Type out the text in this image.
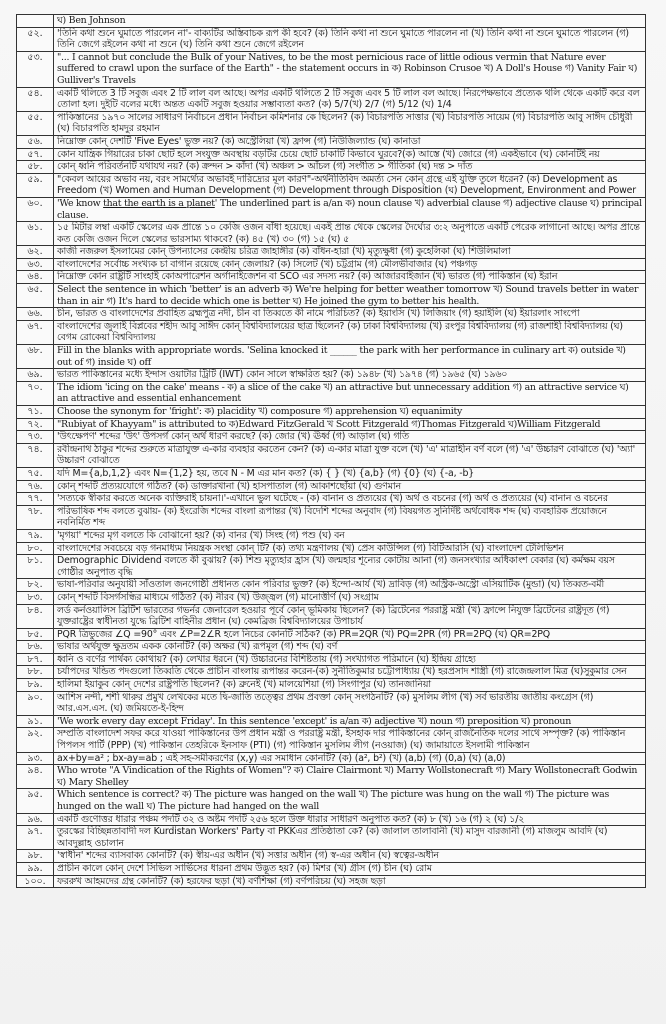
	ঘ) Ben Johnson
৫২.	'তিনি কথা শুনে ঘুমাতে পারলেন না'- বাক্যটির অস্তিবাচক রূপ কী হবে? (ক) তিনি কথা না শুনে ঘুমাতে পারলেন না (খ) তিনি কথা না শুনে ঘুমাতে পারলেন (গ) তিনি জেগে রইলেন কথা না শুনে (ঘ) তিনি কথা শুনে জেগে রইলেন
৫৩.	"... I cannot but conclude the Bulk of your Natives, to be the most pernicious race of little odious vermin that Nature ever suffered to crawl upon the surface of the Earth" - the statement occurs in ক) Robinson Crusoe খ) A Doll's House গ) Vanity Fair ঘ) Gulliver's Travels
৫৪.	একটি থলিতে 3 টি সবুজ এবং 2 টি লাল বল আছে। অপর একটি থলিতে 2 টি সবুজ এবং 5 টি লাল বল আছে। নিরপেক্ষভাবে প্রত্যেক থলি থেকে একটি করে বল তোলা হল। দুইটি বলের মধ্যে অন্তত একটি সবুজ হওয়ার সম্ভাব্যতা কত? (ক) 5/7(খ) 2/7 (গ) 5/12 (ঘ) 1/4
৫৫.	পাকিস্তানের ১৯৭০ সালের সাধারণ নির্বাচনে প্রধান নির্বাচন কমিশনার কে ছিলেন? (ক) বিচারপতি সাত্তার (খ) বিচারপতি সায়েম (গ) বিচারপতি আবু সাঈদ চৌধুরী (ঘ) বিচারপতি হামদুর রহমান
৫৬.	নিম্নোক্ত কোন্ দেশটি 'Five Eyes' ভুক্ত নয়? (ক) অস্ট্রেলিয়া (খ) ফ্রান্স (গ) নিউজিল্যান্ড (ঘ) কানাডা
৫৭.	কোন যান্ত্রিক গিয়ারের চাকা ছোট হলে সংযুক্ত অবস্থায় বড়টির চেয়ে ছোট চাকাটি কিভাবে ঘুরবে?(ক) আস্তে (খ) জোরে (গ) একইভাবে (ঘ) কোনটিই নয়
৫৮.	কোন্ ধ্বনি পরিবর্তনটি যথাযথ নয়? (ক) ক্রন্দন > কাঁদা (খ) অঞ্চল > আঁচল (গ) সংগীত > গীতিকা (ঘ) দন্ত > দাঁত
৫৯.	"কেবল আয়ের অভাব নয়, বরং সামর্থ্যের অভাবই দারিদ্র্যের মূল কারণ"-অর্থনীতিবিদ অমর্ত্য সেন কোন্ গ্রন্থে এই যুক্তি তুলে ধরেন? (ক) Development as Freedom (খ) Women and Human Development (গ) Development through Disposition (ঘ) Development, Environment and Power
৬০.	'We know that the earth is a planet' The underlined part is a/an ক) noun clause খ) adverbial clause গ) adjective clause ঘ) principal clause.
৬১.	১৫ মিটার লম্বা একটি স্কেলের এক প্রান্তে ১০ কেজি ওজন বাঁধা হয়েছে। একই প্রান্ত থেকে স্কেলের দৈর্ঘ্যের ৩:২ অনুপাতে একটি পেরেক লাগানো আছে। অপর প্রান্তে কত কেজি ওজন দিলে স্কেলের ভারসাম্য থাকবে? (ক) ৪৫ (খ) ৩০ (গ) ১৫ (ঘ) ৫
৬২.	কাজী নজরুল ইসলামের কোন্ উপন্যাসের কেন্দ্রীয় চরিত্র জাহাঙ্গীর (ক) বাঁধন-হারা (খ) মৃত্যুক্ষুধা (গ) কুহেলিকা (ঘ) শিউলিমালা
৬৩.	বাংলাদেশের সর্বোচ্চ সংখ্যক চা বাগান রয়েছে কোন্ জেলায়? (ক) সিলেট (খ) চট্টগ্রাম (গ) মৌলভীবাজার (ঘ) পঞ্চগড়
৬৪.	নিম্নোক্ত কোন রাষ্ট্রটি সাংহাই কোঅপারেশন অর্গানাইজেশন বা SCO এর সদস্য নয়? (ক) আজারবাইজান (খ) ভারত (গ) পাকিস্তান (ঘ) ইরান
৬৫.	Select the sentence in which 'better' is an adverb ক) We're helping for better weather tomorrow খ) Sound travels better in water than in air গ) It's hard to decide which one is better ঘ) He joined the gym to better his health.
৬৬.	চীন, ভারত ও বাংলাদেশের প্রবাহিত ব্রহ্মপুত্র নদী, চীন বা তিব্বতে কী নামে পরিচিত? (ক) ইয়াংসি (খ) লিজিয়াং (গ) হয়াইলি (ঘ) ইয়ারলাং সাংপো
৬৭.	বাংলাদেশের জুলাই বিপ্লবের শহীদ আবু সাঈদ কোন্ বিশ্ববিদ্যালয়ের ছাত্র ছিলেন? (ক) ঢাকা বিশ্ববিদ্যালয় (খ) রংপুর বিশ্ববিদ্যালয় (গ) রাজশাহী বিশ্ববিদ্যালয় (ঘ) বেগম রোকেয়া বিশ্ববিদ্যালয়
৬৮.	Fill in the blanks with appropriate words. 'Selina knocked it ______ the park with her performance in culinary art ক) outside খ) out of গ) inside ঘ) off
৬৯.	ভারত পাকিস্তানের মধ্যে ইন্দাস ওয়াটার ট্রিটি (IWT) কোন সালে স্বাক্ষরিত হয়? (ক) ১৯৪৮ (খ) ১৯৭৪ (গ) ১৯৬৫ (ঘ) ১৯৬০
৭০.	The idiom 'icing on the cake' means - ক) a slice of the cake খ) an attractive but unnecessary addition গ) an attractive service ঘ) an attractive and essential enhancement
৭১.	Choose the synonym for 'fright': ক) placidity খ) composure গ) apprehension ঘ) equanimity
৭২.	"Rubiyat of Khayyam" is attributed to ক)Edward FitzGerald খ Scott Fitzgerald গ)Thomas Fitzgerald ঘ)William Fitzgerald
৭৩.	'উৎক্ষেপণ' শব্দের 'উৎ' উপসর্গ কোন্ অর্থ ধারণ করছে? (ক) জোর (খ) ঊর্ধ্ব (গ) আড়াল (ঘ) গতি
৭৪.	রবীন্দ্রনাথ ঠাকুর শব্দের শুরুতে মাত্রাযুক্ত এ-কার ব্যবহার করতেন কেন? (ক) এ-কার মাত্রা যুক্ত বলে (খ) 'এ' মাত্রাহীন বর্ণ বলে (গ) 'এ' উচ্চারণ বোঝাতে (ঘ) 'অ্যা' উচ্চারণ বোঝাতে
৭৫.	যদি M={a,b,1,2} এবং N={1,2} হয়, তবে N - M এর মান কত? (ক) { } (খ) {a,b} (গ) {0} (ঘ) {-a, -b}
৭৬.	কোন্ শব্দটি প্রত্যয়যোগে গঠিত? (ক) ডাক্তারখানা (খ) হাসপাতাল (গ) আকাশছোঁয়া (ঘ) গুণমান
৭৭.	'সত্যকে স্বীকার করতে অনেক ব্যক্তিরাই চায়না।'-এখানে ভুল ঘটেছে - (ক) বানান ও প্রত্যয়ের (খ) অর্থ ও বচনের (গ) অর্থ ও প্রত্যয়ের (ঘ) বানান ও বচনের
৭৮.	পরিভাষিক শব্দ বলতে বুঝায়- (ক) ইংরেজি শব্দের বাংলা রূপান্তর (খ) বিদেশি শব্দের অনুবাদ (গ) বিষয়গত সুনির্দিষ্ট অর্থবোধক শব্দ (ঘ) ব্যবহারিক প্রয়োজনে নবনির্মিত শব্দ
৭৯.	'মৃগয়া' শব্দের মৃগ বলতে কি বোঝানো হয়? (ক) বানর (খ) সিংহ (গ) পশু (ঘ) বন
৮০.	বাংলাদেশের সবচেয়ে বড় গনমাধ্যম নিয়ন্ত্রক সংস্থা কোন্ টি? (ক) তথ্য মন্ত্রণালয় (খ) প্রেস কাউন্সিল (গ) বিটিআরসি (ঘ) বাংলাদেশ টেলিভিশন
৮১.	Demographic Dividend বলতে কী বুঝায়? (ক) শিশু মৃত্যুহার হ্রাস (খ) জন্মহার শূন্যের কোটায় আনা (গ) জনসংখ্যার অধিকাংশ বেকার (ঘ) কর্মক্ষম বয়স গোষ্ঠীর অনুপাত বৃদ্ধি
৮২.	ভাষা-পরিবার অনুযায়ী সাঁওতাল জনগোষ্ঠী প্রধানত কোন পরিবার ভুক্ত? (ক) ইন্দো-আর্য (খ) দ্রাবিড় (গ) অস্ট্রিক-অস্ট্রো এসিয়াটিক (মুন্ডা) (ঘ) তিব্বত-বর্মী
৮৩.	কোন্ শব্দটি বিসর্গসন্ধির মাধ্যমে গঠিত? (ক) নীরব (খ) উজ্জ্বল (গ) মানোত্তীর্ণ (ঘ) সংগ্রাম
৮৪.	লর্ড কর্নওয়ালিস ব্রিটিশ ভারতের গভর্নর জেনারেল হওয়ার পূর্বে কোন্ ভূমিকায় ছিলেন? (ক) ব্রিটেনের পররাষ্ট্র মন্ত্রী (খ) ফ্রান্সে নিযুক্ত ব্রিটেনের রাষ্ট্রদূত (গ) যুক্তরাষ্ট্রের স্বাধীনতা যুদ্ধে ব্রিটিশ বাহিনীর প্রধান (ঘ) কেমব্রিজ বিশ্ববিদ্যালয়ের উপাচার্য
৮৫.	PQR ত্রিভুজের ∠Q =90° এবং ∠P=2∠R হলে নিচের কোনটি সঠিক? (ক) PR=2QR (খ) PQ=2PR (গ) PR=2PQ (ঘ) QR=2PQ
৮৬.	ভাষার অর্থযুক্ত ক্ষুদ্রতম একক কোনটি? (ক) অক্ষর (খ) রূপমূল (গ) শব্দ (ঘ) বর্ণ
৮৭.	ধ্বনি ও বর্ণের পার্থক্য কোথায়? (ক) লেখার ধরনে (খ) উচ্চারনের বিশিষ্টতায় (গ) সংখ্যাগত পরিমানে (ঘ) ইন্দ্রিয় গ্রাহ্যে
৮৮.	চর্যাপদের খন্ডিত পদগুলো তিব্বতি থেকে প্রাচীন বাংলায় রূপান্তর করেন-(ক) সুনীতিকুমার চট্টোপাধ্যায় (খ) হরপ্রসাদ শাস্ত্রী (গ) রাজেন্দ্রলাল মিত্র (ঘ)সুকুমার সেন
৮৯.	হালিমা ইয়াকুব কোন্ দেশের রাষ্ট্রপতি ছিলেন? (ক) ব্রুনেই (খ) মালয়েশিয়া (গ) সিংগাপুর (ঘ) তানজানিয়া
৯০.	আশিস নন্দী, শশী থারুর প্রমুখ লেখকের মতে দ্বি-জাতি তত্ত্বের প্রথম প্রবক্তা কোন্ সংগঠনটি? (ক) মুসলিম লীগ (খ) সর্ব ভারতীয় জাতীয় কংগ্রেস (গ) আর.এস.এস. (ঘ) জমিয়তে-ই-হিন্দ
৯১.	'We work every day except Friday'. In this sentence 'except' is a/an ক) adjective খ) noun গ) preposition ঘ) pronoun
৯২.	সম্প্রতি বাংলাদেশ সফর করে যাওয়া পাকিস্তানের উপ প্রধান মন্ত্রী ও পররাষ্ট্র মন্ত্রী, ইসহাক দার পাকিস্তানের কোন্ রাজনৈতিক দলের সাথে সম্পৃক্ত? (ক) পাকিস্তান পিপলস পার্টি (PPP) (খ) পাকিস্তান তেহরিকে ইনসাফ (PTI) (গ) পাকিস্তান মুসলিম লীগ (নওয়াজ) (ঘ) জামায়াতে ইসলামী পাকিস্তান
৯৩.	ax+by=a² ; bx-ay=ab ; এই সহ-সমীকরণের (x,y) এর সমাধান কোনটি? (ক) (a², b²) (খ) (a,b) (গ) (0,a) (ঘ) (a,0)
৯৪.	Who wrote "A Vindication of the Rights of Women"? ক) Claire Clairmont খ) Marry Wollstonecraft গ) Mary Wollstonecraft Godwin ঘ) Mary Shelley
৯৫.	Which sentence is correct? ক) The picture was hanged on the wall খ) The picture was hung on the wall গ) The picture was hunged on the wall ঘ) The picture had hanged on the wall
৯৬.	একটি গুণোত্তর ধারার পঞ্চম পদটি ৩২ ও অষ্টম পদটি ২৫৬ হলে উক্ত ধারার সাধারণ অনুপাত কত? (ক) ৮ (খ) ১৬ (গ) ২ (ঘ) ১/২
৯৭.	তুরস্কের বিচ্ছিন্নতাবাদী দল Kurdistan Workers' Party বা PKKএর প্রতিষ্ঠাতা কে? (ক) জালাল তালাবানী (খ) মাসুদ বারজানী (গ) মাজলুম আবদি (ঘ) আবদুল্লাহ ওচালান
৯৮.	'স্বাধীন' শব্দের ব্যাসবাক্য কোনটি? (ক) স্বীয়-এর অধীন (খ) সত্তার অধীন (গ) স্ব-এর অধীন (ঘ) স্বত্বের-অধীন
৯৯.	প্রাচীন কালে কোন্ দেশে সিভিল সার্ভিসের ধারনা প্রথম উদ্ভূত হয়? (ক) মিশর (খ) গ্রীস (গ) চীন (ঘ) রোম
১০০.	ফররুখ আহমদের গ্রন্থ কোনটি? (ক) হরফের ছড়া (খ) বর্ণশিক্ষা (গ) বর্ণপরিচয় (ঘ) সহজ ছড়া
